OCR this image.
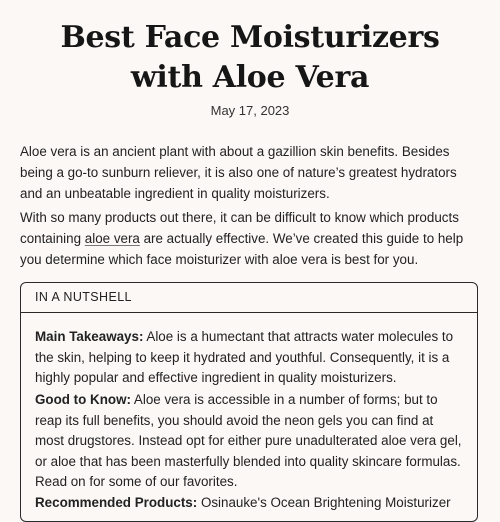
Best Face Moisturizers with Aloe Vera
May 17, 2023

Aloe vera is an ancient plant with about a gazillion skin benefits. Besides being a go-to sunburn reliever, it is also one of nature’s greatest hydrators and an unbeatable ingredient in quality moisturizers.

With so many products out there, it can be difficult to know which products containing aloe vera are actually effective. We’ve created this guide to help you determine which face moisturizer with aloe vera is best for you.

IN A NUTSHELL

Main Takeaways: Aloe is a humectant that attracts water molecules to the skin, helping to keep it hydrated and youthful. Consequently, it is a highly popular and effective ingredient in quality moisturizers.

Good to Know: Aloe vera is accessible in a number of forms; but to reap its full benefits, you should avoid the neon gels you can find at most drugstores. Instead opt for either pure unadulterated aloe vera gel, or aloe that has been masterfully blended into quality skincare formulas. Read on for some of our favorites.

Recommended Products: Osinauke's Ocean Brightening Moisturizer
